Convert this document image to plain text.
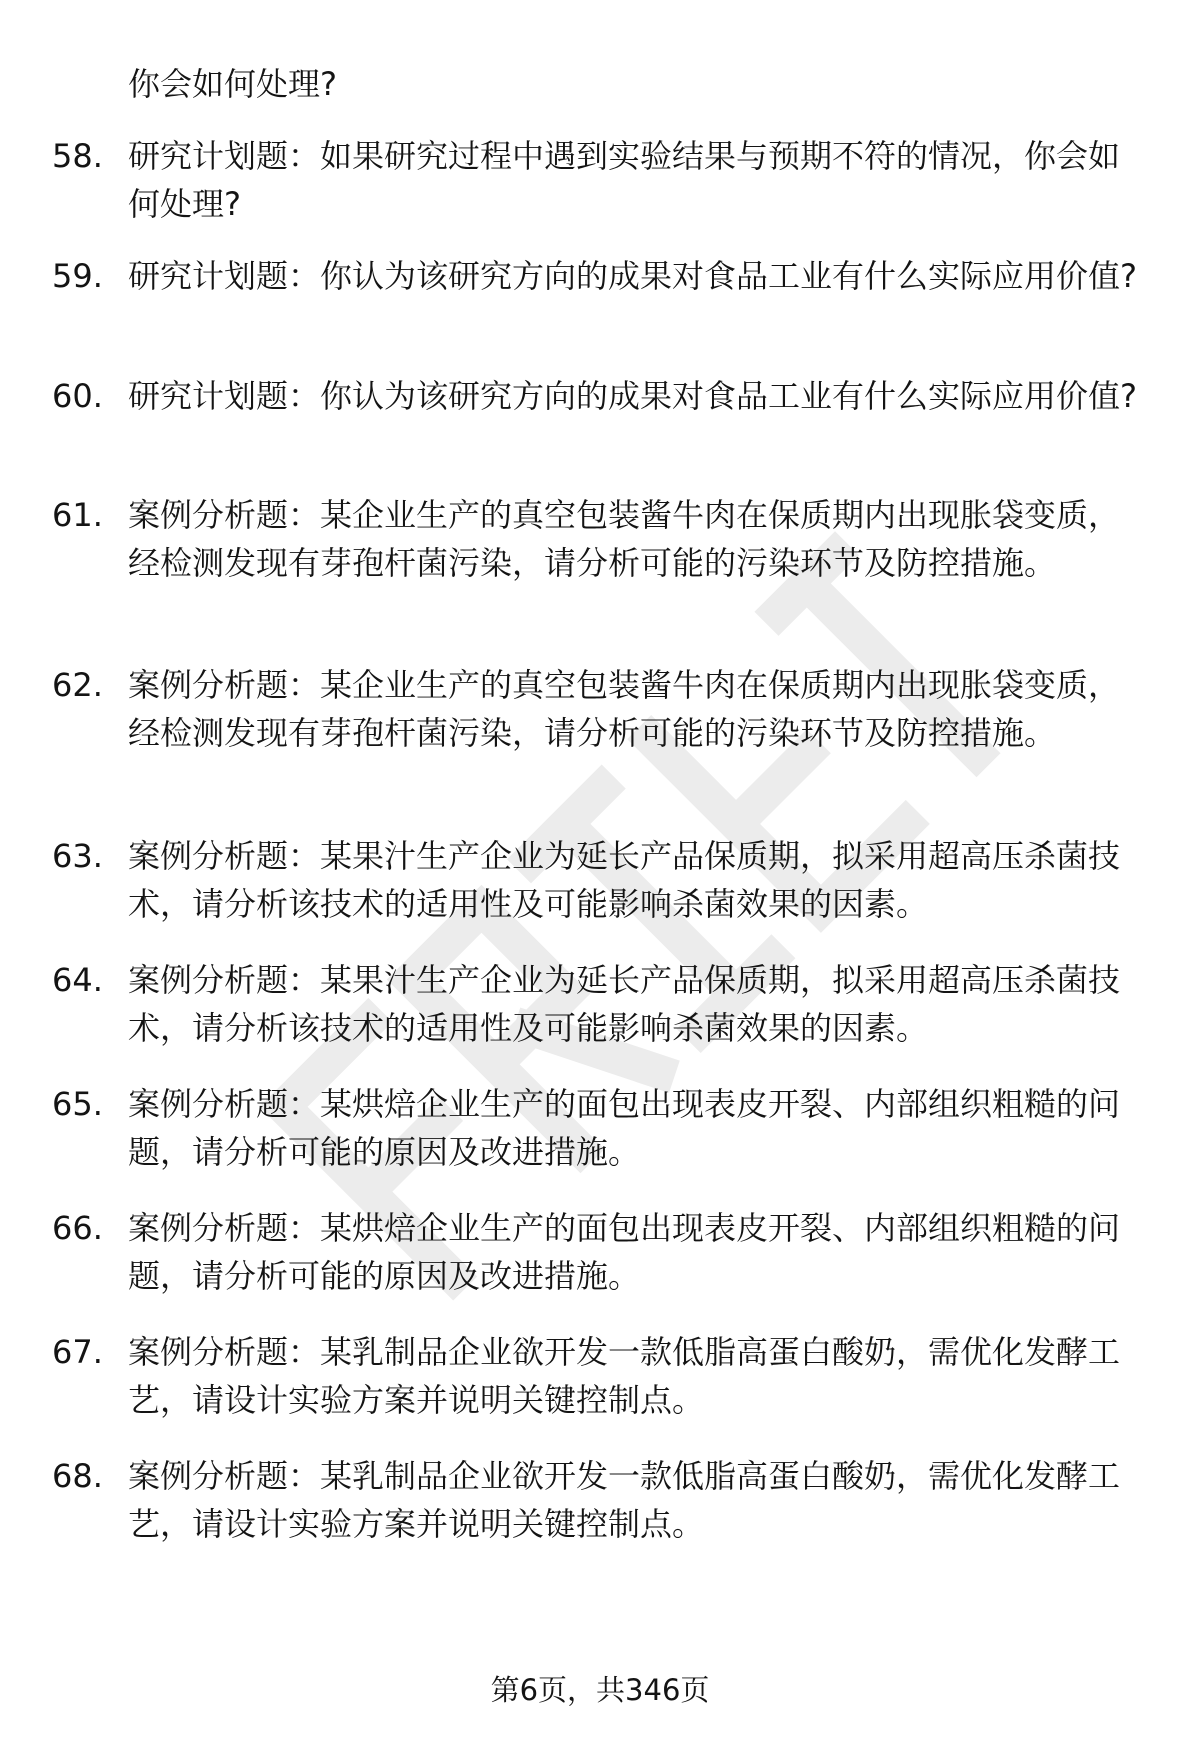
你会如何处理?

58. 研究计划题：如果研究过程中遇到实验结果与预期不符的情况，你会如何处理?

59. 研究计划题：你认为该研究方向的成果对食品工业有什么实际应用价值?

60. 研究计划题：你认为该研究方向的成果对食品工业有什么实际应用价值?

61. 案例分析题：某企业生产的真空包装酱牛肉在保质期内出现胀袋变质，经检测发现有芽孢杆菌污染，请分析可能的污染环节及防控措施。

62. 案例分析题：某企业生产的真空包装酱牛肉在保质期内出现胀袋变质，经检测发现有芽孢杆菌污染，请分析可能的污染环节及防控措施。

63. 案例分析题：某果汁生产企业为延长产品保质期，拟采用超高压杀菌技术，请分析该技术的适用性及可能影响杀菌效果的因素。

64. 案例分析题：某果汁生产企业为延长产品保质期，拟采用超高压杀菌技术，请分析该技术的适用性及可能影响杀菌效果的因素。

65. 案例分析题：某烘焙企业生产的面包出现表皮开裂、内部组织粗糙的问题，请分析可能的原因及改进措施。

66. 案例分析题：某烘焙企业生产的面包出现表皮开裂、内部组织粗糙的问题，请分析可能的原因及改进措施。

67. 案例分析题：某乳制品企业欲开发一款低脂高蛋白酸奶，需优化发酵工艺，请设计实验方案并说明关键控制点。

68. 案例分析题：某乳制品企业欲开发一款低脂高蛋白酸奶，需优化发酵工艺，请设计实验方案并说明关键控制点。

第6页，共346页
